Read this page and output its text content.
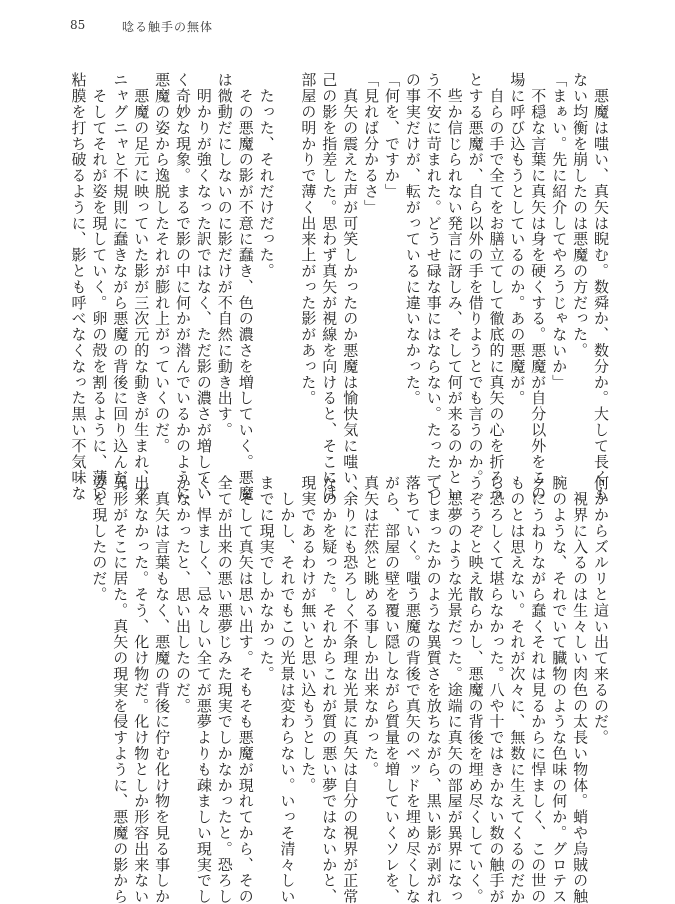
85	唸る触手の無体
　悪魔は嗤い、真矢は睨む。数舜か、数分か。大して長くも
ない均衡を崩したのは悪魔の方だった。
「まぁい。先に紹介してやろうじゃないか」
　不穏な言葉に真矢は身を硬くする。悪魔が自分以外をこの
場に呼び込もうとしているのか。あの悪魔が。
　自らの手で全てをお膳立てして徹底的に真矢の心を折ろう
とする悪魔が、自ら以外の手を借りようとでも言うのか。
　些か信じられない発言に訝しみ、そして何が来るのかとい
う不安に苛まれた。どうせ碌な事にはならない。たった一つ
の事実だけが、転がっているに違いなかった。
「何を、ですか」
「見れば分かるさ」
　真矢の震えた声が可笑しかったのか悪魔は愉快気に嗤い、
己の影を指差した。思わず真矢が視線を向けると、そこには
部屋の明かりで薄く出来上がった影があった。
　たった、それだけだった。
　その悪魔の影が不意に蠢き、色の濃さを増していく。悪魔
は微動だにしないのに影だけが不自然に動き出す。
　明かりが強くなった訳ではなく、ただ影の濃さが増してい
く奇妙な現象。まるで影の中に何かが潜んでいるかのように、
悪魔の姿から逸脱したそれが膨れ上がっていくのだ。
　悪魔の足元に映っていた影が三次元的な動きが生まれ、グ
ニャグニャと不規則に蠢きながら悪魔の背後に回り込んだ。
　そしてそれが姿を現していく。卵の殻を割るように、薄い
粘膜を打ち破るように、影とも呼べなくなった黒い不気味な
何かからズルリと這い出て来るのだ。
　視界に入るのは生々しい肉色の太長い物体。蛸や烏賊の触
腕のような、それでいて臓物のような色味の何か。グロテス
クにうねりながら蠢くそれは見るからに悍ましく、この世の
ものとは思えない。それが次々に、無数に生えてくるのだか
ら恐ろしくて堪らなかった。八や十ではきかない数の触手が
うぞうぞと映え散らかし、悪魔の背後を埋め尽くしていく。
　悪夢のような光景だった。途端に真矢の部屋が異界になっ
てしまったかのような異質さを放ちながら、黒い影が剥がれ
落ちていく。嗤う悪魔の背後で真矢のベッドを埋め尽くしな
がら、部屋の壁を覆い隠しながら質量を増していくソレを、
真矢は茫然と眺める事しか出来なかった。
　余りにも恐ろしく不条理な光景に真矢は自分の視界が正常
なのかを疑った。それからこれが質の悪い夢ではないかと、
現実であるわけが無いと思い込もうとした。
　しかし、それでもこの光景は変わらない。いっそ清々しい
までに現実でしかなかった。
　そして真矢は思い出す。そもそも悪魔が現れてから、その
全てが出来の悪い悪夢じみた現実でしかなかったと。恐ろし
く、悍ましく、忌々しい全てが悪夢よりも疎ましい現実でし
かなかったと、思い出したのだ。
　真矢は言葉もなく、悪魔の背後に佇む化け物を見る事しか
出来なかった。そう、化け物だ。化け物としか形容出来ない
異形がそこに居た。真矢の現実を侵すように、悪魔の影から
姿を現したのだ。
